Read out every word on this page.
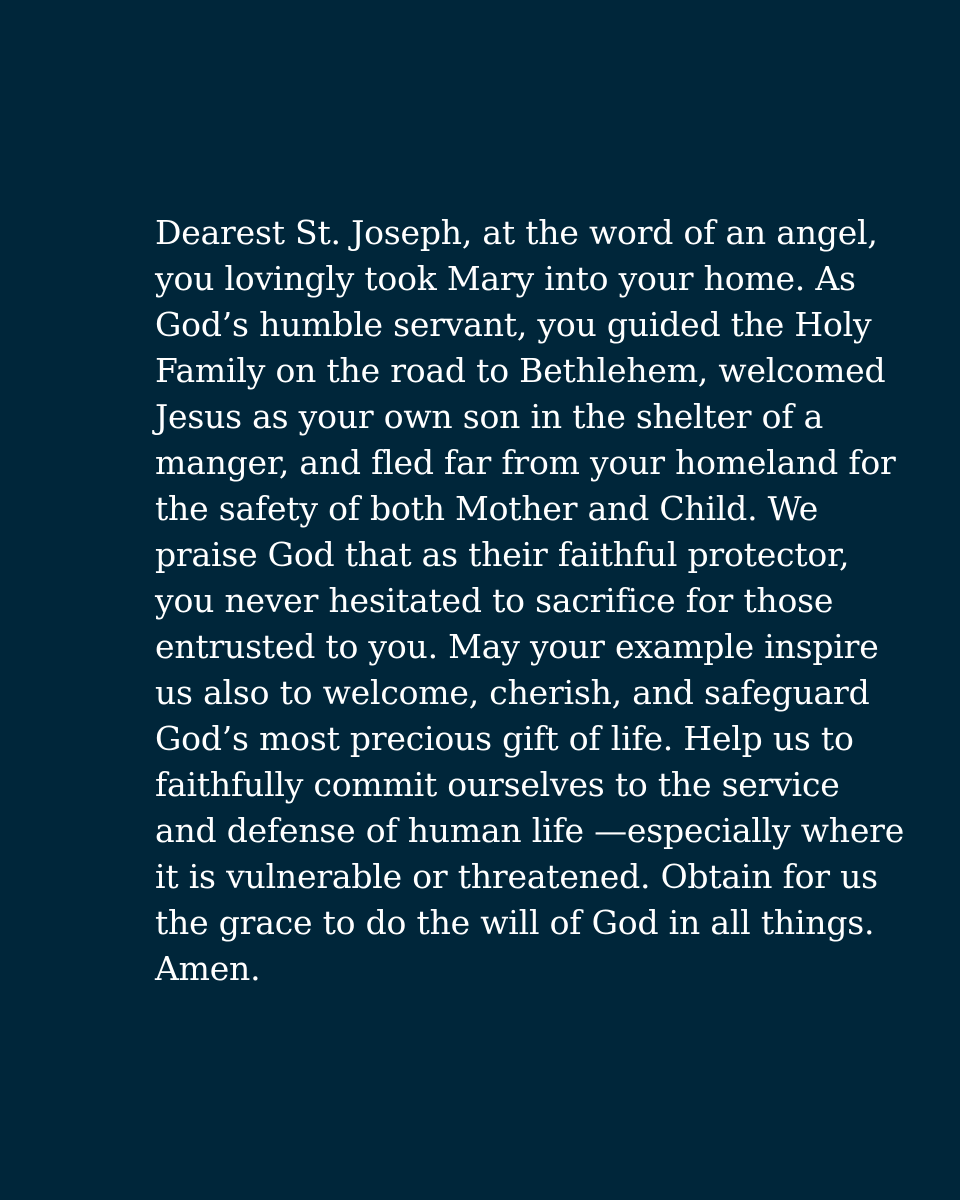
Dearest St. Joseph, at the word of an angel,
you lovingly took Mary into your home. As
God’s humble servant, you guided the Holy
Family on the road to Bethlehem, welcomed
Jesus as your own son in the shelter of a
manger, and fled far from your homeland for
the safety of both Mother and Child. We
praise God that as their faithful protector,
you never hesitated to sacrifice for those
entrusted to you. May your example inspire
us also to welcome, cherish, and safeguard
God’s most precious gift of life. Help us to
faithfully commit ourselves to the service
and defense of human life —especially where
it is vulnerable or threatened. Obtain for us
the grace to do the will of God in all things.
Amen.
